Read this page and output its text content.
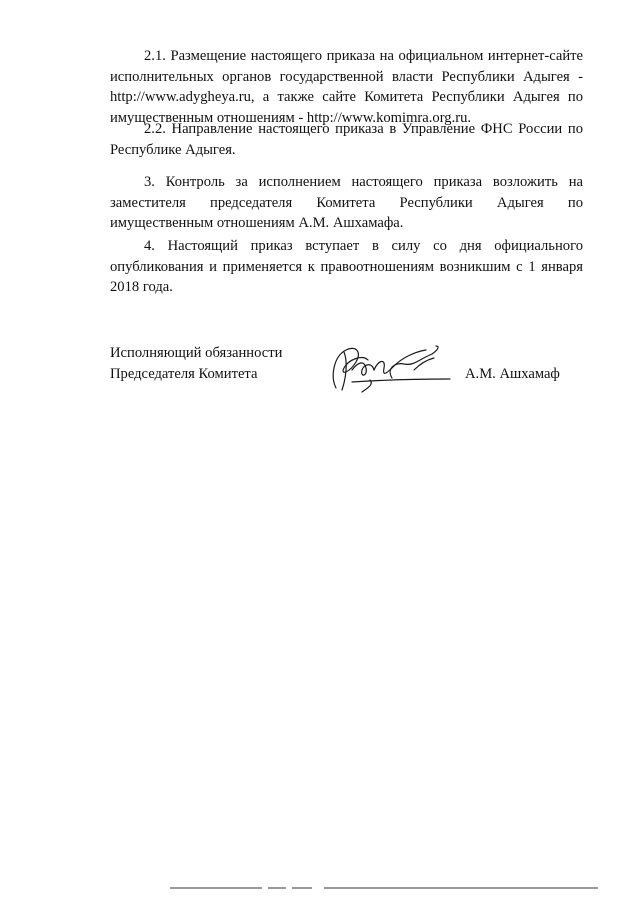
2.1. Размещение настоящего приказа на официальном интернет-сайте исполнительных органов государственной власти Республики Адыгея - http://www.adygheya.ru, а также сайте Комитета Республики Адыгея по имущественным отношениям - http://www.komimra.org.ru.
2.2. Направление настоящего приказа в Управление ФНС России по Республике Адыгея.
3. Контроль за исполнением настоящего приказа возложить на заместителя председателя Комитета Республики Адыгея по имущественным отношениям А.М. Ашхамафа.
4. Настоящий приказ вступает в силу со дня официального опубликования и применяется к правоотношениям возникшим с 1 января 2018 года.
Исполняющий обязанности
Председателя Комитета	А.М. Ашхамаф
